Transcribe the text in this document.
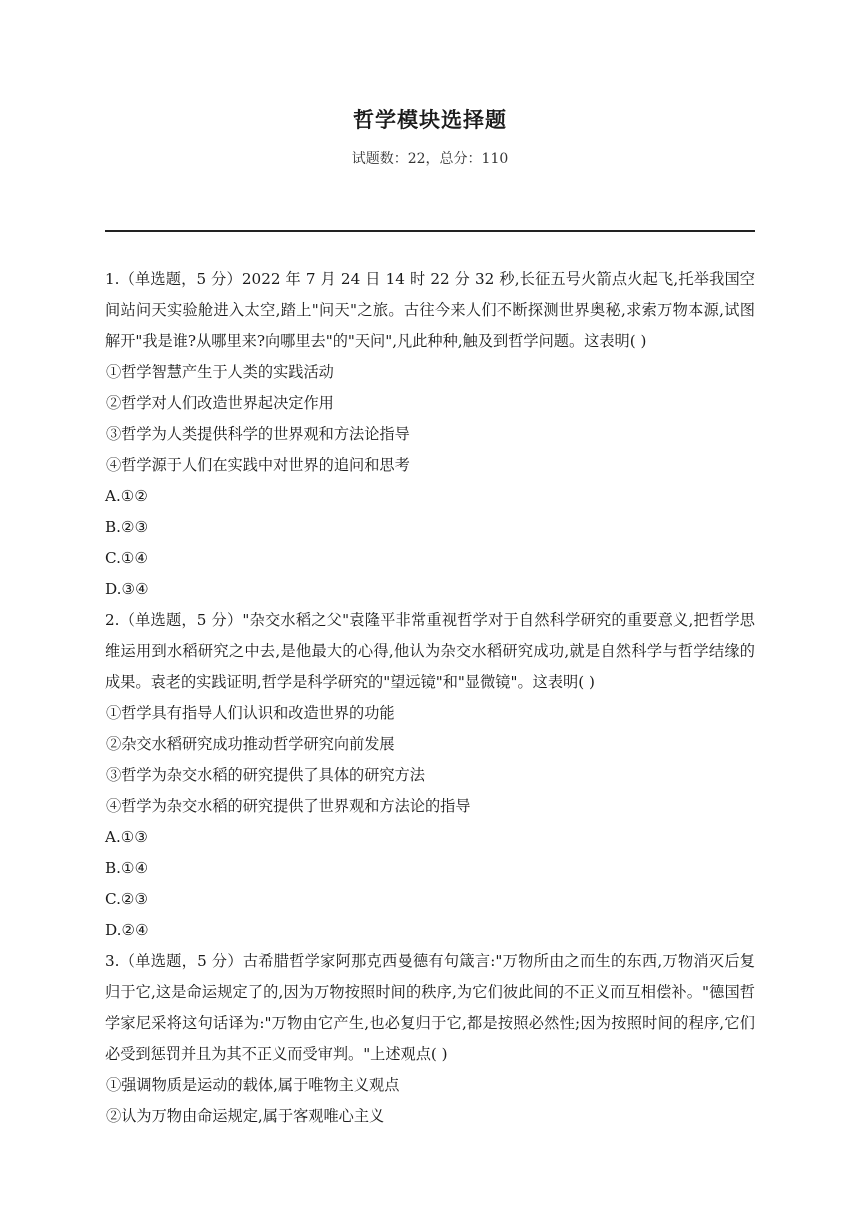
哲学模块选择题
试题数：22，总分：110

1.（单选题，5 分）2022 年 7 月 24 日 14 时 22 分 32 秒,长征五号火箭点火起飞,托举我国空间站问天实验舱进入太空,踏上"问天"之旅。古往今来人们不断探测世界奥秘,求索万物本源,试图解开"我是谁?从哪里来?向哪里去"的"天问",凡此种种,触及到哲学问题。这表明( )

①哲学智慧产生于人类的实践活动

②哲学对人们改造世界起决定作用

③哲学为人类提供科学的世界观和方法论指导

④哲学源于人们在实践中对世界的追问和思考

A.①②

B.②③

C.①④

D.③④

2.（单选题，5 分）"杂交水稻之父"袁隆平非常重视哲学对于自然科学研究的重要意义,把哲学思维运用到水稻研究之中去,是他最大的心得,他认为杂交水稻研究成功,就是自然科学与哲学结缘的成果。袁老的实践证明,哲学是科学研究的"望远镜"和"显微镜"。这表明( )

①哲学具有指导人们认识和改造世界的功能

②杂交水稻研究成功推动哲学研究向前发展

③哲学为杂交水稻的研究提供了具体的研究方法

④哲学为杂交水稻的研究提供了世界观和方法论的指导

A.①③

B.①④

C.②③

D.②④

3.（单选题，5 分）古希腊哲学家阿那克西曼德有句箴言:"万物所由之而生的东西,万物消灭后复归于它,这是命运规定了的,因为万物按照时间的秩序,为它们彼此间的不正义而互相偿补。"德国哲学家尼采将这句话译为:"万物由它产生,也必复归于它,都是按照必然性;因为按照时间的程序,它们必受到惩罚并且为其不正义而受审判。"上述观点( )

①强调物质是运动的载体,属于唯物主义观点

②认为万物由命运规定,属于客观唯心主义
